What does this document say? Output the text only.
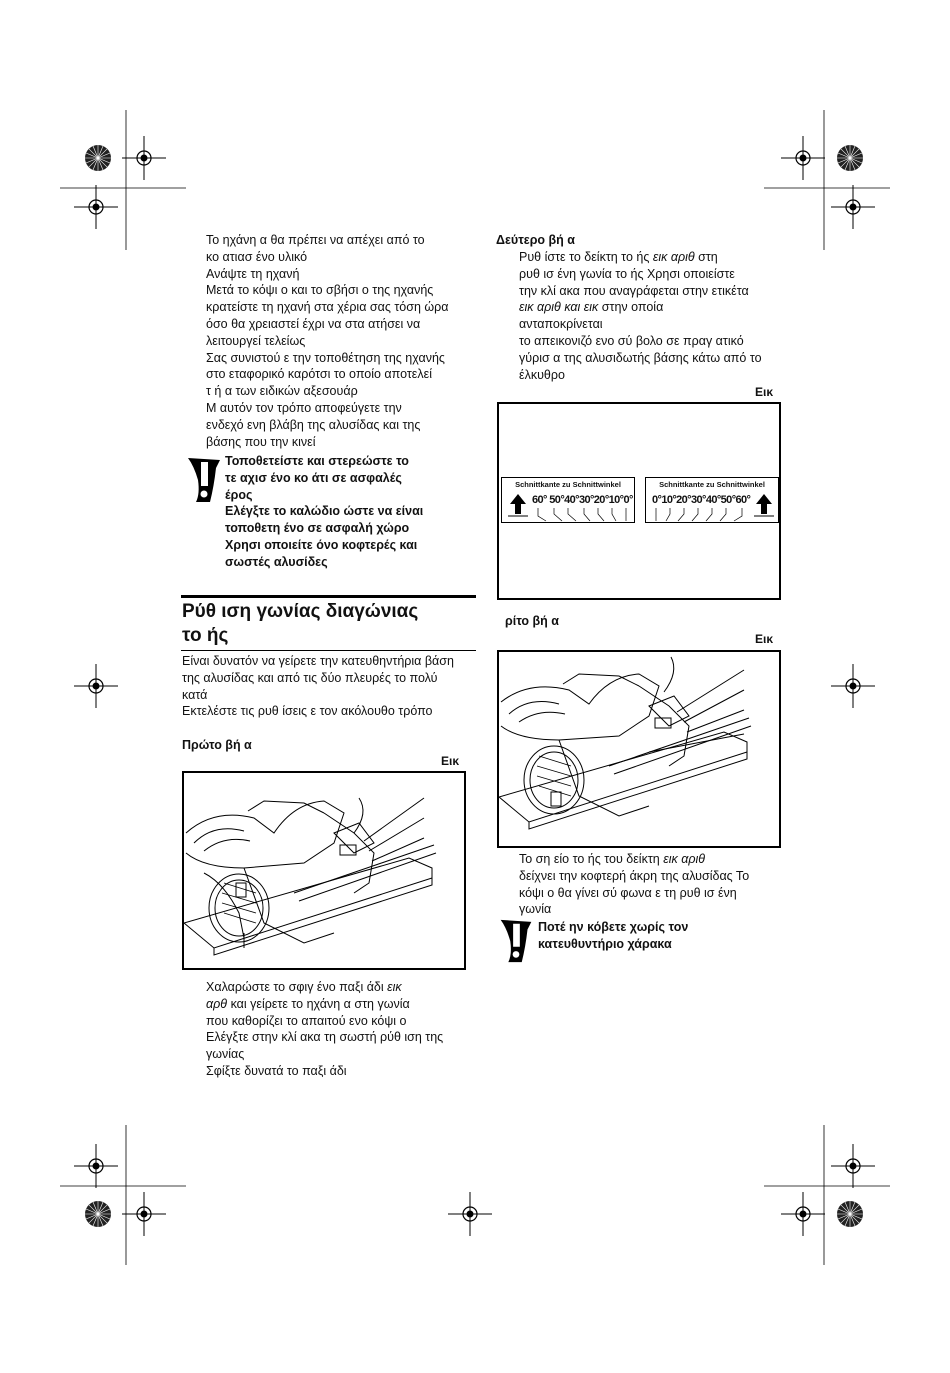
Το ηχάνη α θα πρέπει να απέχει από το
κο ατιασ ένο υλικό
Ανάψτε τη ηχανή
Μετά το κόψι ο και το σβήσι ο της ηχανής
κρατείστε τη ηχανή στα χέρια σας τόση ώρα
όσο θα χρειαστεί έχρι να στα ατήσει να
λειτουργεί τελείως
Σας συνιστού ε την τοποθέτηση της ηχανής
στο εταφορικό καρότσι το οποίο αποτελεί
τ ή α των ειδικών αξεσουάρ
Μ αυτόν τον τρόπο αποφεύγετε την
ενδεχό ενη βλάβη της αλυσίδας και της
βάσης που την κινεί
Τοποθετείστε και στερεώστε το
τε αχισ ένο κο άτι σε ασφαλές
έρος
Ελέγξτε το καλώδιο ώστε να είναι
τοποθετη ένο σε ασφαλή χώρο
Χρησι οποιείτε όνο κοφτερές και
σωστές αλυσίδες
Ρύθ ιση γωνίας διαγώνιας
το ής
Είναι δυνατόν να γείρετε την κατευθηντήρια βάση
της αλυσίδας και από τις δύο πλευρές το πολύ
κατά
Εκτελέστε τις ρυθ ίσεις ε τον ακόλουθο τρόπο
Πρώτο βή α
Εικ
Χαλαρώστε το σφιγ ένο παξι άδι εικ
αρθ και γείρετε το ηχάνη α στη γωνία
που καθορίζει το απαιτού ενο κόψι ο
Ελέγξτε στην κλί ακα τη σωστή ρύθ ιση της
γωνίας
Σφίξτε δυνατά το παξι άδι
Δεύτερο βή α
Ρυθ ίστε το δείκτη το ής εικ αριθ στη
ρυθ ισ ένη γωνία το ής Χρησι οποιείστε
την κλί ακα που αναγράφεται στην ετικέτα
εικ αριθ και εικ στην οποία
ανταποκρίνεται
το απεικονιζό ενο σύ βολο σε πραγ ατικό
γύρισ α της αλυσιδωτής βάσης κάτω από το
έλκυθρο
Εικ
Schnittkante zu Schnittwinkel
60° 50°40°30°20°10°0°
Schnittkante zu Schnittwinkel
0°10°20°30°40°50°60°
ρίτο βή α
Εικ
Το ση είο το ής του δείκτη εικ αριθ
δείχνει την κοφτερή άκρη της αλυσίδας Το
κόψι ο θα γίνει σύ φωνα ε τη ρυθ ισ ένη
γωνία
Ποτέ ην κόβετε χωρίς τον
κατευθυντήριο χάρακα
